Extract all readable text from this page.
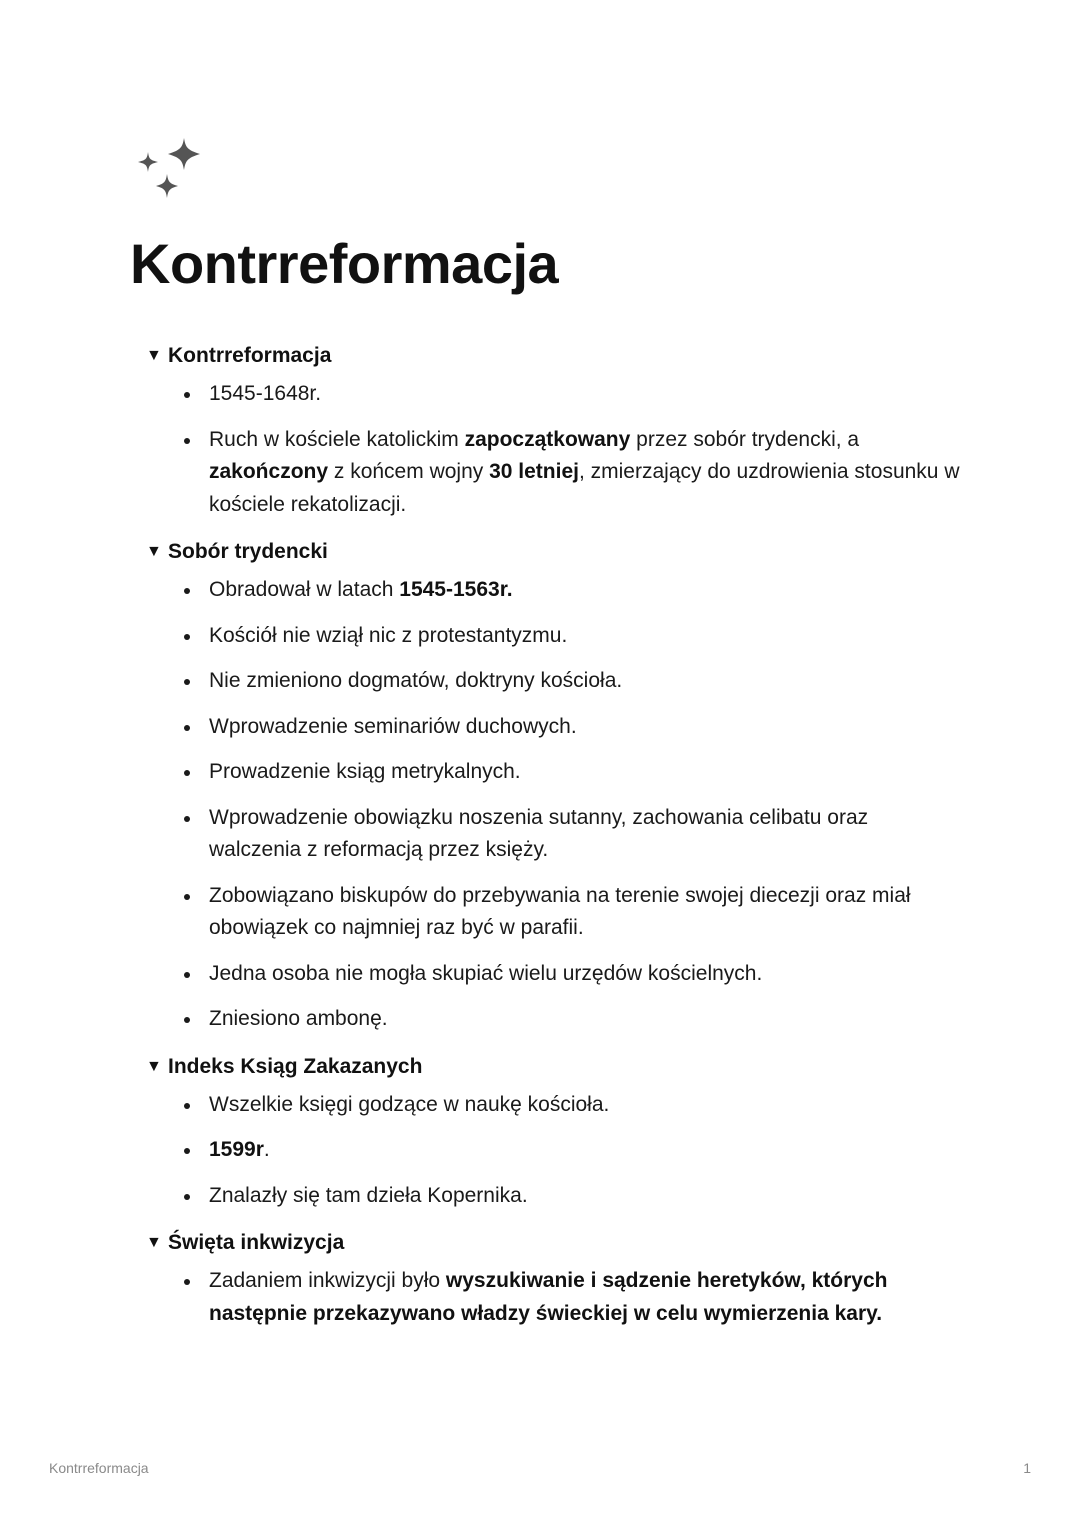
Kontrreformacja
▼ Kontrreformacja
1545-1648r.
Ruch w kościele katolickim zapoczątkowany przez sobór trydencki, a zakończony z końcem wojny 30 letniej, zmierzający do uzdrowienia stosunku w kościele rekatolizacji.
▼ Sobór trydencki
Obradował w latach 1545-1563r.
Kościół nie wziął nic z protestantyzmu.
Nie zmieniono dogmatów, doktryny kościoła.
Wprowadzenie seminariów duchowych.
Prowadzenie ksiąg metrykalnych.
Wprowadzenie obowiązku noszenia sutanny, zachowania celibatu oraz walczenia z reformacją przez księży.
Zobowiązano biskupów do przebywania na terenie swojej diecezji oraz miał obowiązek co najmniej raz być w parafii.
Jedna osoba nie mogła skupiać wielu urzędów kościelnych.
Zniesiono ambonę.
▼ Indeks Ksiąg Zakazanych
Wszelkie księgi godzące w naukę kościoła.
1599r.
Znalazły się tam dzieła Kopernika.
▼ Święta inkwizycja
Zadaniem inkwizycji było wyszukiwanie i sądzenie heretyków, których następnie przekazywano władzy świeckiej w celu wymierzenia kary.
Kontrreformacja	1
